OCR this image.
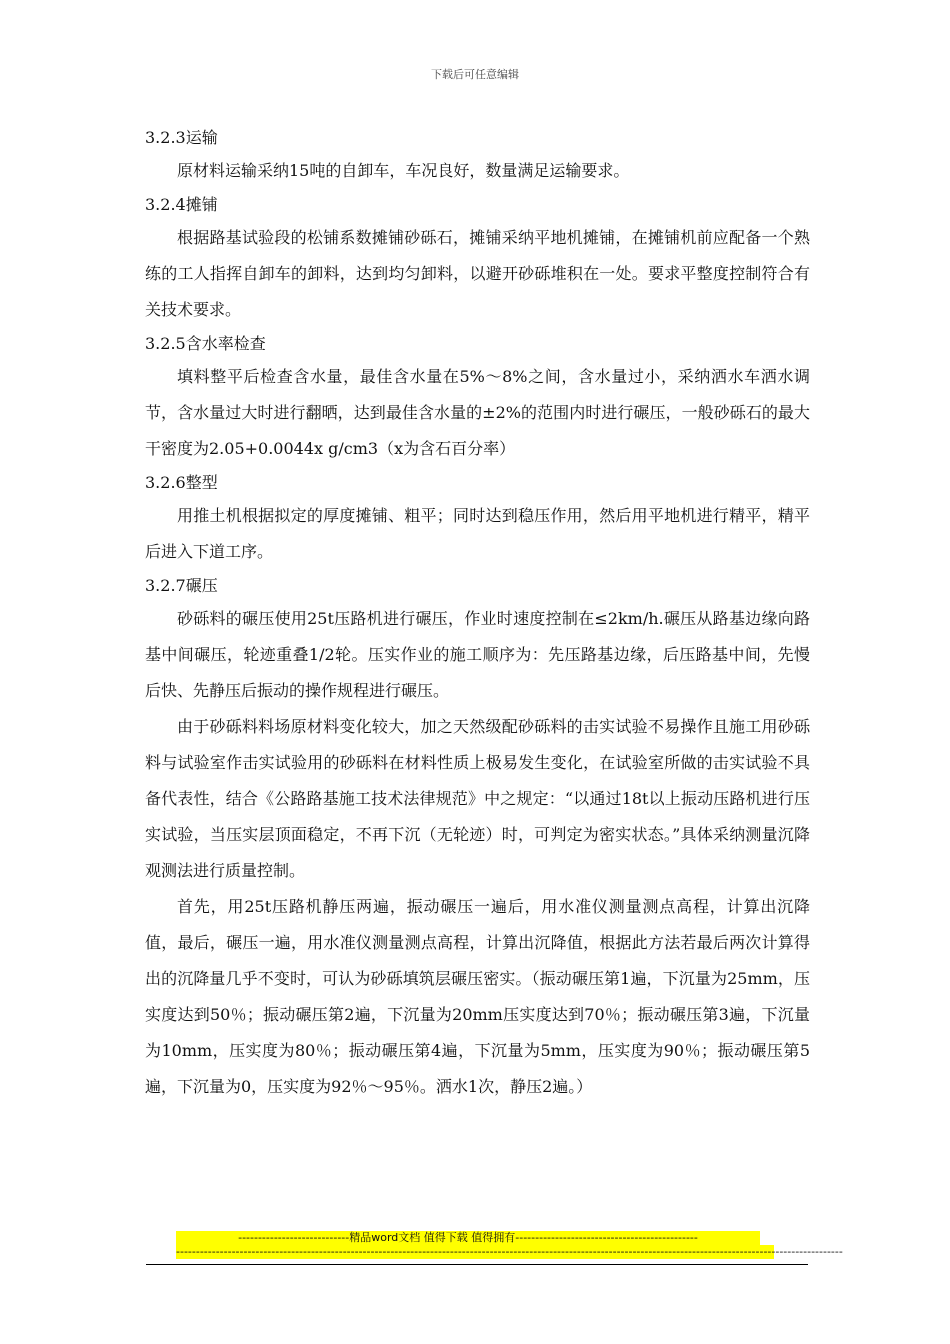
下载后可任意编辑
3.2.3运输

原材料运输采纳15吨的自卸车，车况良好，数量满足运输要求。

3.2.4摊铺

根据路基试验段的松铺系数摊铺砂砾石，摊铺采纳平地机摊铺，在摊铺机前应配备一个熟练的工人指挥自卸车的卸料，达到均匀卸料，以避开砂砾堆积在一处。要求平整度控制符合有关技术要求。

3.2.5含水率检查

填料整平后检查含水量，最佳含水量在5%～8%之间，含水量过小，采纳洒水车洒水调节，含水量过大时进行翻晒，达到最佳含水量的±2%的范围内时进行碾压，一般砂砾石的最大干密度为2.05+0.0044x g/cm3（x为含石百分率）

3.2.6整型

用推土机根据拟定的厚度摊铺、粗平；同时达到稳压作用，然后用平地机进行精平，精平后进入下道工序。

3.2.7碾压

砂砾料的碾压使用25t压路机进行碾压，作业时速度控制在≤2km/h.碾压从路基边缘向路基中间碾压，轮迹重叠1/2轮。压实作业的施工顺序为：先压路基边缘，后压路基中间，先慢后快、先静压后振动的操作规程进行碾压。

由于砂砾料料场原材料变化较大，加之天然级配砂砾料的击实试验不易操作且施工用砂砾料与试验室作击实试验用的砂砾料在材料性质上极易发生变化，在试验室所做的击实试验不具备代表性，结合《公路路基施工技术法律规范》中之规定：“以通过18t以上振动压路机进行压实试验，当压实层顶面稳定，不再下沉（无轮迹）时，可判定为密实状态。”具体采纳测量沉降观测法进行质量控制。

首先，用25t压路机静压两遍，振动碾压一遍后，用水准仪测量测点高程，计算出沉降值，最后，碾压一遍，用水准仪测量测点高程，计算出沉降值，根据此方法若最后两次计算得出的沉降量几乎不变时，可认为砂砾填筑层碾压密实。（振动碾压第1遍，下沉量为25mm，压实度达到50％；振动碾压第2遍，下沉量为20mm压实度达到70％；振动碾压第3遍，下沉量为10mm，压实度为80％；振动碾压第4遍，下沉量为5mm，压实度为90％；振动碾压第5遍，下沉量为0，压实度为92％～95％。洒水1次，静压2遍。）

----------------------------精品word文档 值得下载 值得拥有----------------------------------------------
------------------------------------------------------------------------------------------------------------------------------------------------------------------------
